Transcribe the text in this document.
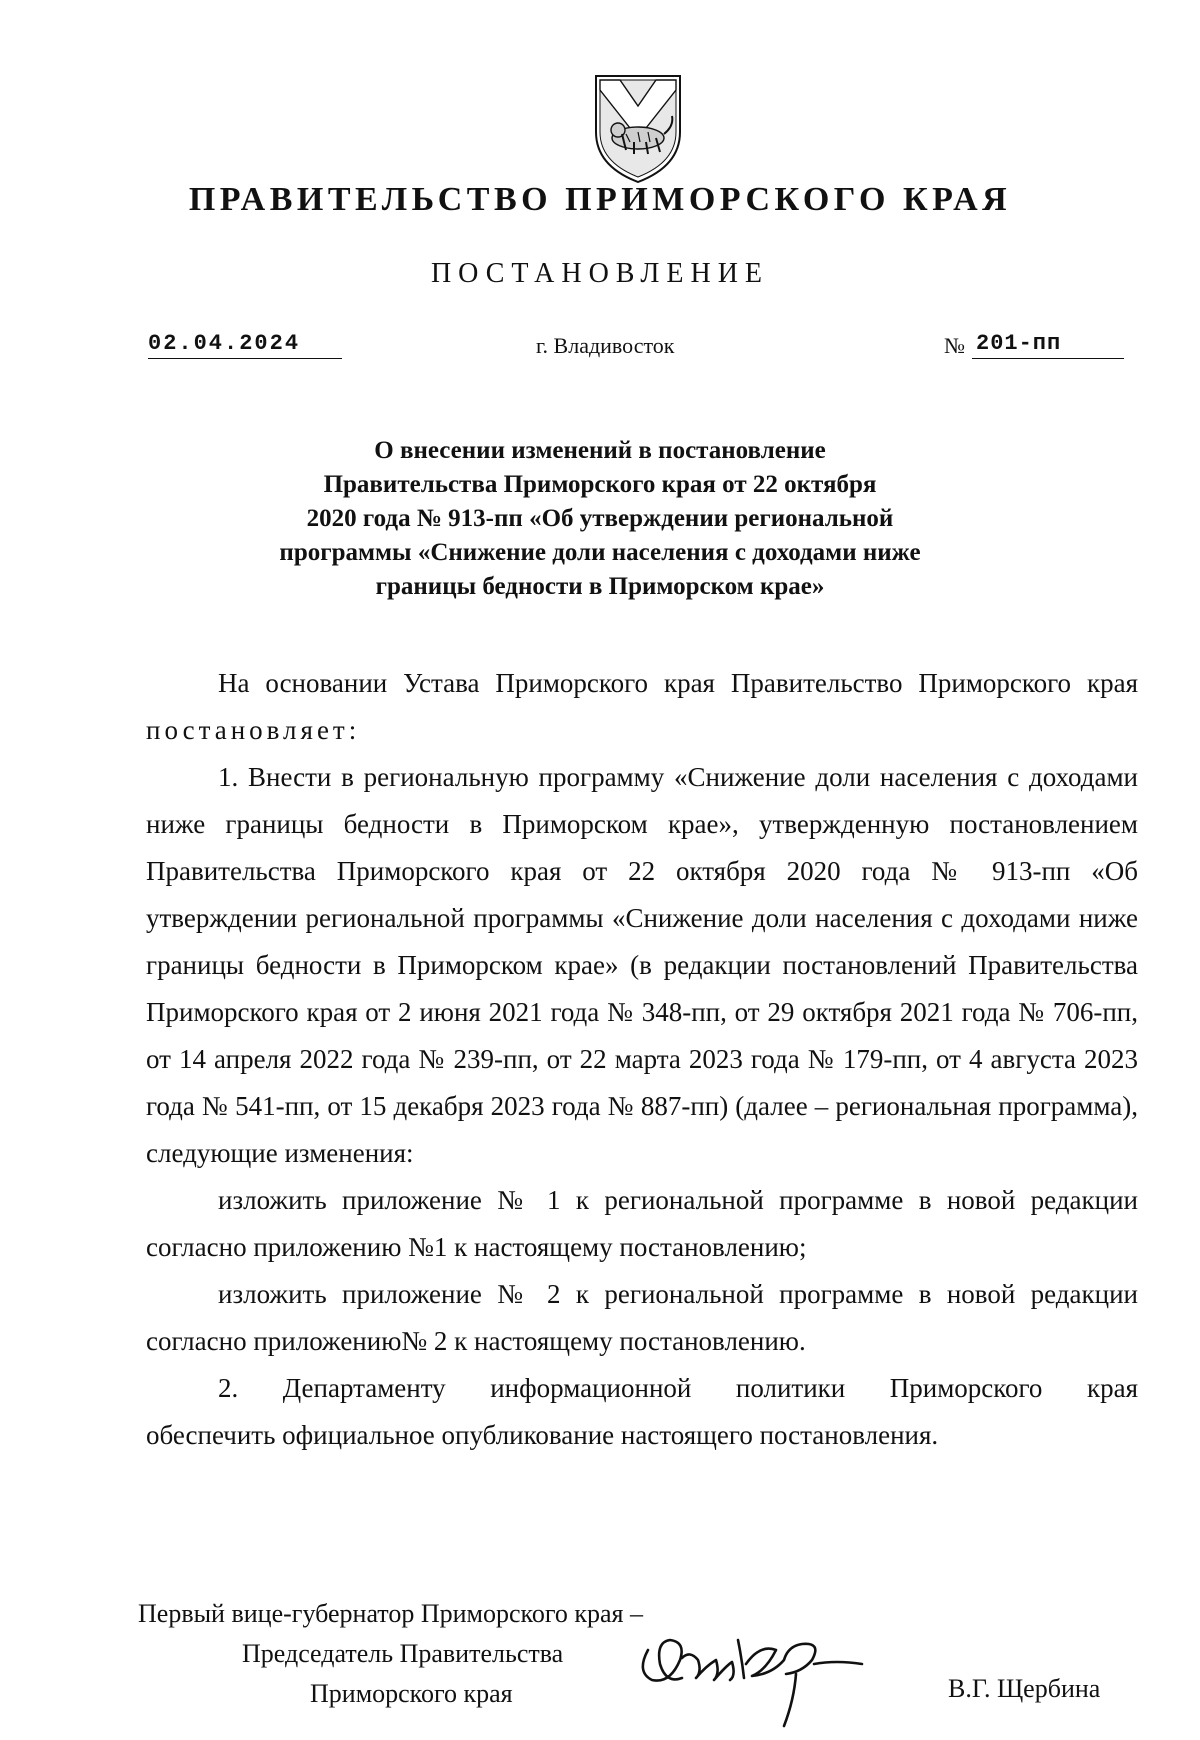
ПРАВИТЕЛЬСТВО ПРИМОРСКОГО КРАЯ
ПОСТАНОВЛЕНИЕ
02.04.2024	г. Владивосток	№ 201-пп
О внесении изменений в постановление
Правительства Приморского края от 22 октября
2020 года № 913-пп «Об утверждении региональной
программы «Снижение доли населения с доходами ниже
границы бедности в Приморском крае»

На основании Устава Приморского края Правительство Приморского края постановляет:

1. Внести в региональную программу «Снижение доли населения с доходами ниже границы бедности в Приморском крае», утвержденную постановлением Правительства Приморского края от 22 октября 2020 года № 913-пп «Об утверждении региональной программы «Снижение доли населения с доходами ниже границы бедности в Приморском крае» (в редакции постановлений Правительства Приморского края от 2 июня 2021 года № 348-пп, от 29 октября 2021 года № 706-пп, от 14 апреля 2022 года № 239-пп, от 22 марта 2023 года № 179-пп, от 4 августа 2023 года № 541-пп, от 15 декабря 2023 года № 887-пп) (далее – региональная программа), следующие изменения:

изложить приложение № 1 к региональной программе в новой редакции согласно приложению №1 к настоящему постановлению;

изложить приложение № 2 к региональной программе в новой редакции согласно приложению№ 2 к настоящему постановлению.

2. Департаменту информационной политики Приморского края

обеспечить официальное опубликование настоящего постановления.

Первый вице-губернатор Приморского края –
Председатель Правительства
Приморского края	В.Г. Щербина
